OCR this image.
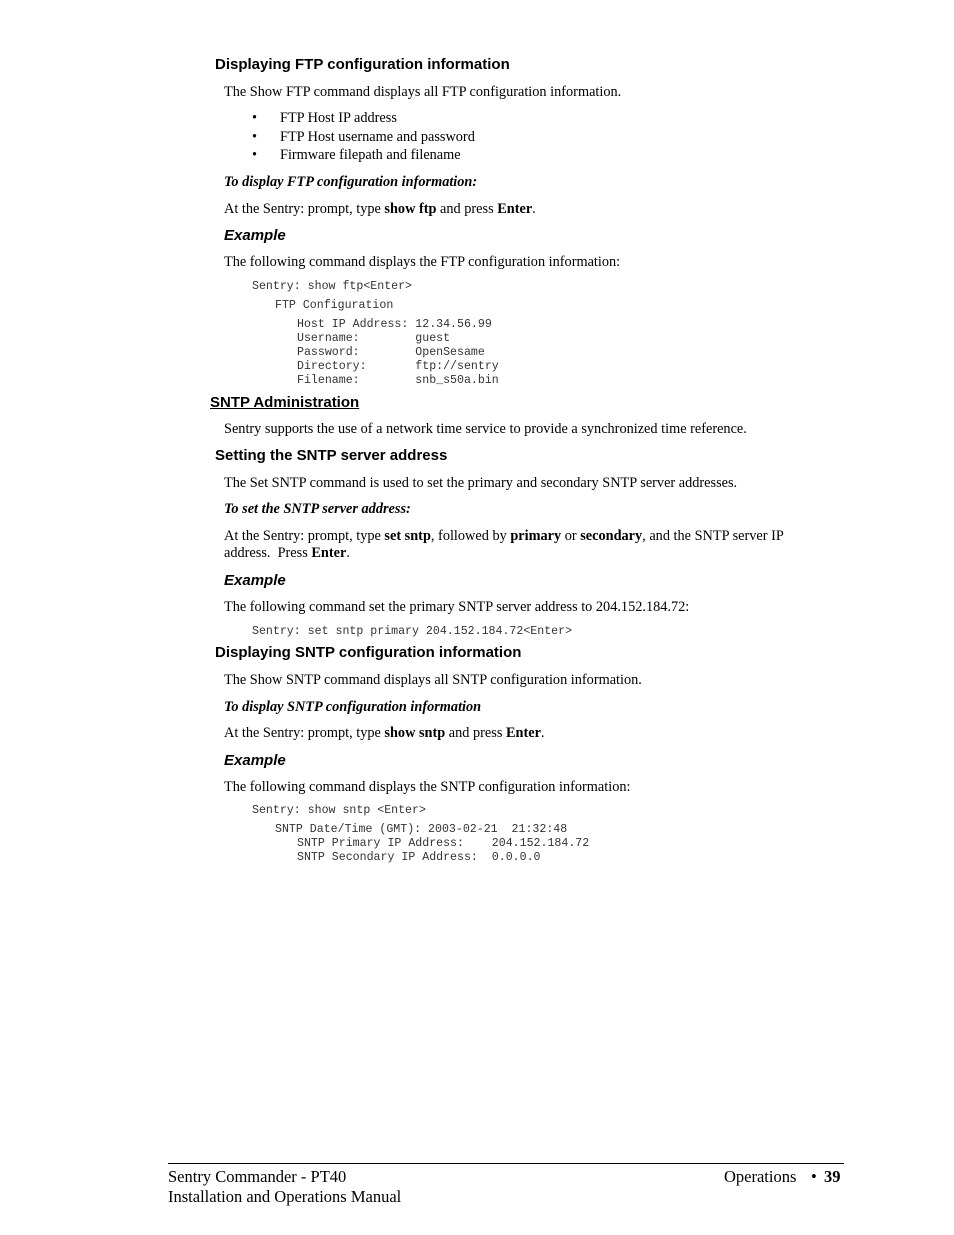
Displaying FTP configuration information
The Show FTP command displays all FTP configuration information.
• FTP Host IP address
• FTP Host username and password
• Firmware filepath and filename
To display FTP configuration information:
At the Sentry: prompt, type show ftp and press Enter.
Example
The following command displays the FTP configuration information:
Sentry: show ftp<Enter>
FTP Configuration
Host IP Address: 12.34.56.99
Username:        guest
Password:        OpenSesame
Directory:       ftp://sentry
Filename:        snb_s50a.bin
SNTP Administration
Sentry supports the use of a network time service to provide a synchronized time reference.
Setting the SNTP server address
The Set SNTP command is used to set the primary and secondary SNTP server addresses.
To set the SNTP server address:
At the Sentry: prompt, type set sntp, followed by primary or secondary, and the SNTP server IP
address.  Press Enter.
Example
The following command set the primary SNTP server address to 204.152.184.72:
Sentry: set sntp primary 204.152.184.72<Enter>
Displaying SNTP configuration information
The Show SNTP command displays all SNTP configuration information.
To display SNTP configuration information
At the Sentry: prompt, type show sntp and press Enter.
Example
The following command displays the SNTP configuration information:
Sentry: show sntp <Enter>
SNTP Date/Time (GMT): 2003-02-21  21:32:48
SNTP Primary IP Address:    204.152.184.72
SNTP Secondary IP Address:  0.0.0.0
Sentry Commander - PT40
Installation and Operations Manual
Operations • 39
